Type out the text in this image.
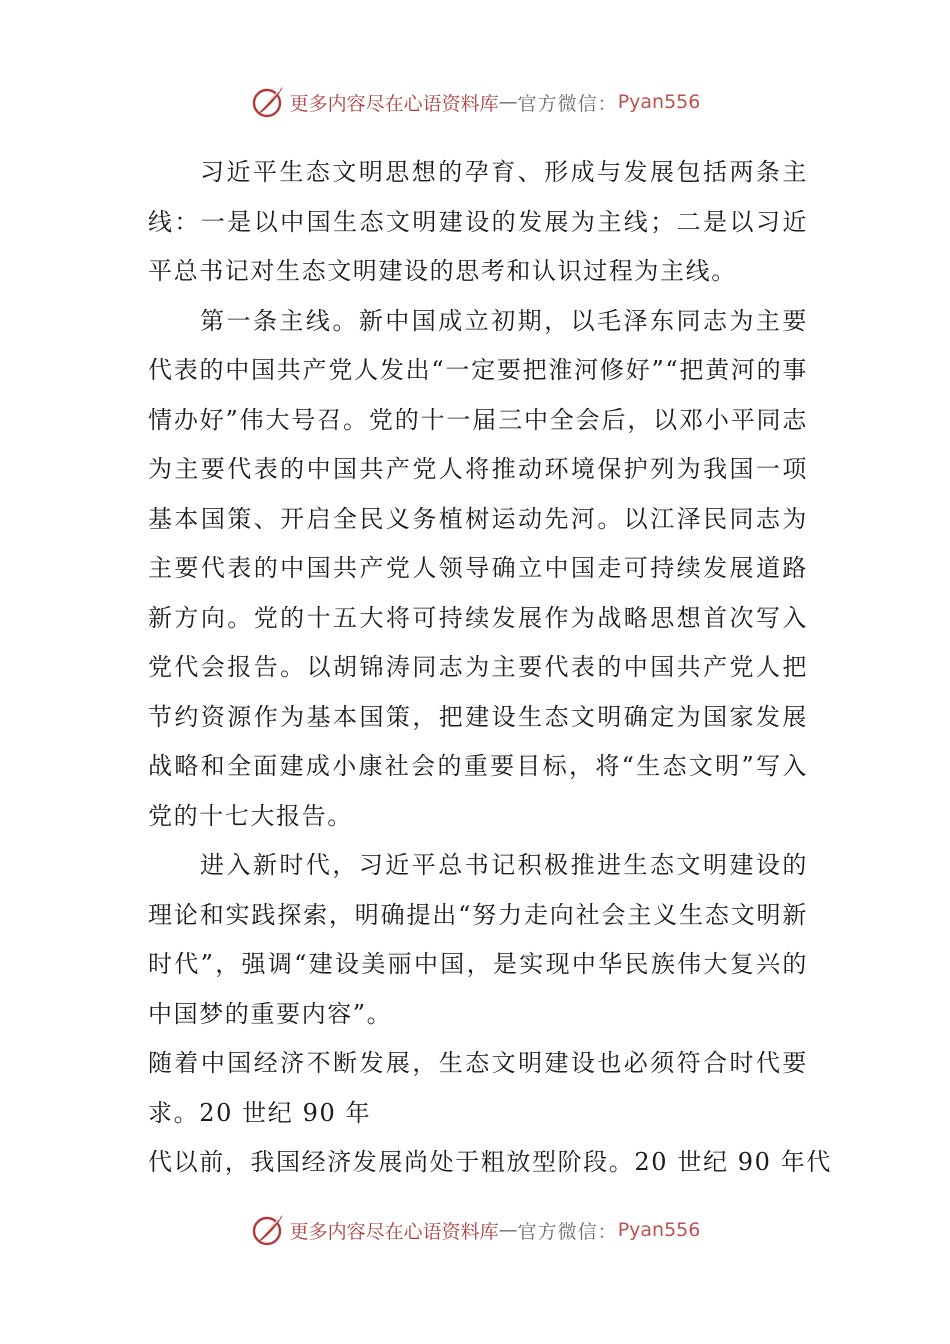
更多内容尽在心语资料库 — 官方微信： Pyan556

习近平生态文明思想的孕育、形成与发展包括两条主线：一是以中国生态文明建设的发展为主线；二是以习近平总书记对生态文明建设的思考和认识过程为主线。

第一条主线。新中国成立初期，以毛泽东同志为主要代表的中国共产党人发出“一定要把淮河修好”“把黄河的事情办好”伟大号召。党的十一届三中全会后，以邓小平同志为主要代表的中国共产党人将推动环境保护列为我国一项基本国策、开启全民义务植树运动先河。以江泽民同志为主要代表的中国共产党人领导确立中国走可持续发展道路新方向。党的十五大将可持续发展作为战略思想首次写入党代会报告。以胡锦涛同志为主要代表的中国共产党人把节约资源作为基本国策，把建设生态文明确定为国家发展战略和全面建成小康社会的重要目标，将“生态文明”写入党的十七大报告。

进入新时代，习近平总书记积极推进生态文明建设的理论和实践探索，明确提出“努力走向社会主义生态文明新时代”，强调“建设美丽中国，是实现中华民族伟大复兴的中国梦的重要内容”。

随着中国经济不断发展，生态文明建设也必须符合时代要

求。20 世纪 90 年

代以前，我国经济发展尚处于粗放型阶段。20 世纪 90 年代

更多内容尽在心语资料库 — 官方微信： Pyan556
